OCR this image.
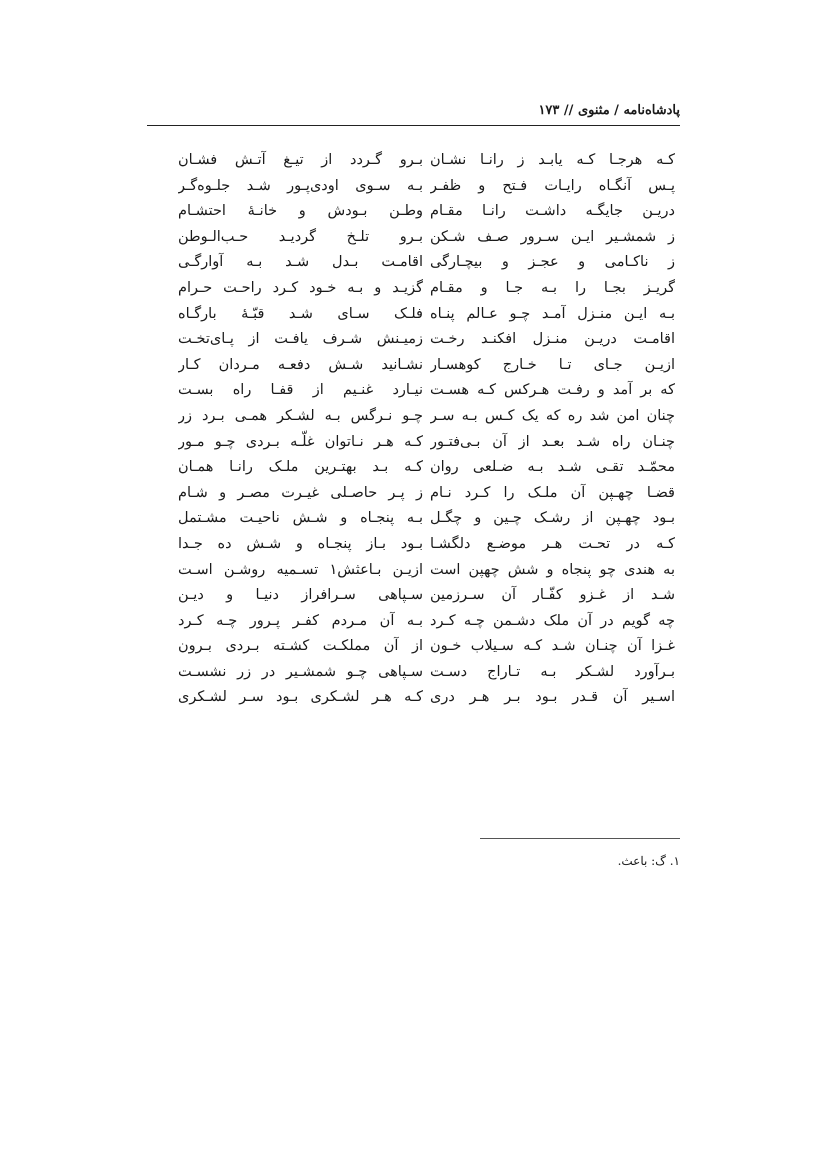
پادشاه‌نامه / مثنوی // ۱۷۳
کـه هرجـا کـه یابـد ز رانـا نشـان
پـس آنگـاه رایـات فـتح و ظفـر
دریـن جایگـه داشـت رانـا مقـام
ز شمشـیر ایـن سـرور صـف شـکن
ز ناکـامی و عجـز و بیچـارگی
گریـز بجـا را بـه جـا و مقـام
بـه ایـن منـزل آمـد چـو عـالم پنـاه
اقامـت دریـن منـزل افکنـد رخـت
ازیـن جـای تـا خـارج کوهسـار
که بر آمد و رفـت هـرکس کـه هسـت
چنان امن شد ره که یک کـس بـه سـر
چنـان راه شـد بعـد از آن بـی‌فتـور
محمّـد تقـی شـد بـه ضـلعی روان
قضـا چهـپن آن ملـک را کـرد نـام
بـود چهـپن از رشـک چـین و چگـل
کـه در تحـت هـر موضـع دلگشـا
به هندی چو پنجاه و شش چهپن است
شـد از غـزو کفّـار آن سـرزمین
چه گویم در آن ملک دشـمن چـه کـرد
غـزا آن چنـان شـد کـه سـیلاب خـون
بـرآورد لشـکر بـه تـاراج دسـت
اسـیر آن قـدر بـود بـر هـر دری
بـرو گـردد از تیـغ آتـش فشـان
بـه سـوی اودی‌پـور شـد جلـوه‌گـر
وطـن بـودش و خانـهٔ احتشـام
بـرو تلـخ گردیـد حـب‌الـوطن
اقامـت بـدل شـد بـه آوارگـی
گزیـد و بـه خـود کـرد راحـت حـرام
فلـک سـای شـد قبّـهٔ بارگـاه
زمیـنش شـرف یافـت از پـای‌تخـت
نشـانید شـش دفعـه مـردان کـار
نیـارد غنـیم از قفـا راه بسـت
چـو نـرگس بـه لشـکر همـی بـرد زر
کـه هـر نـاتوان غلّـه بـردی چـو مـور
کـه بـد بهتـرین ملـک رانـا همـان
ز پـر حاصـلی غیـرت مصـر و شـام
بـه پنجـاه و شـش ناحیـت مشـتمل
بـود بـاز پنجـاه و شـش ده جـدا
ازیـن بـاعثش۱ تسـمیه روشـن اسـت
سـپاهی سـرافراز دنیـا و دیـن
بـه آن مـردم کفـر پـرور چـه کـرد
از آن مملکـت کشـته بـردی بـرون
سـپاهی چـو شمشـیر در زر نشسـت
کـه هـر لشـکری بـود سـر لشـکری
۱. گ: باعث.
